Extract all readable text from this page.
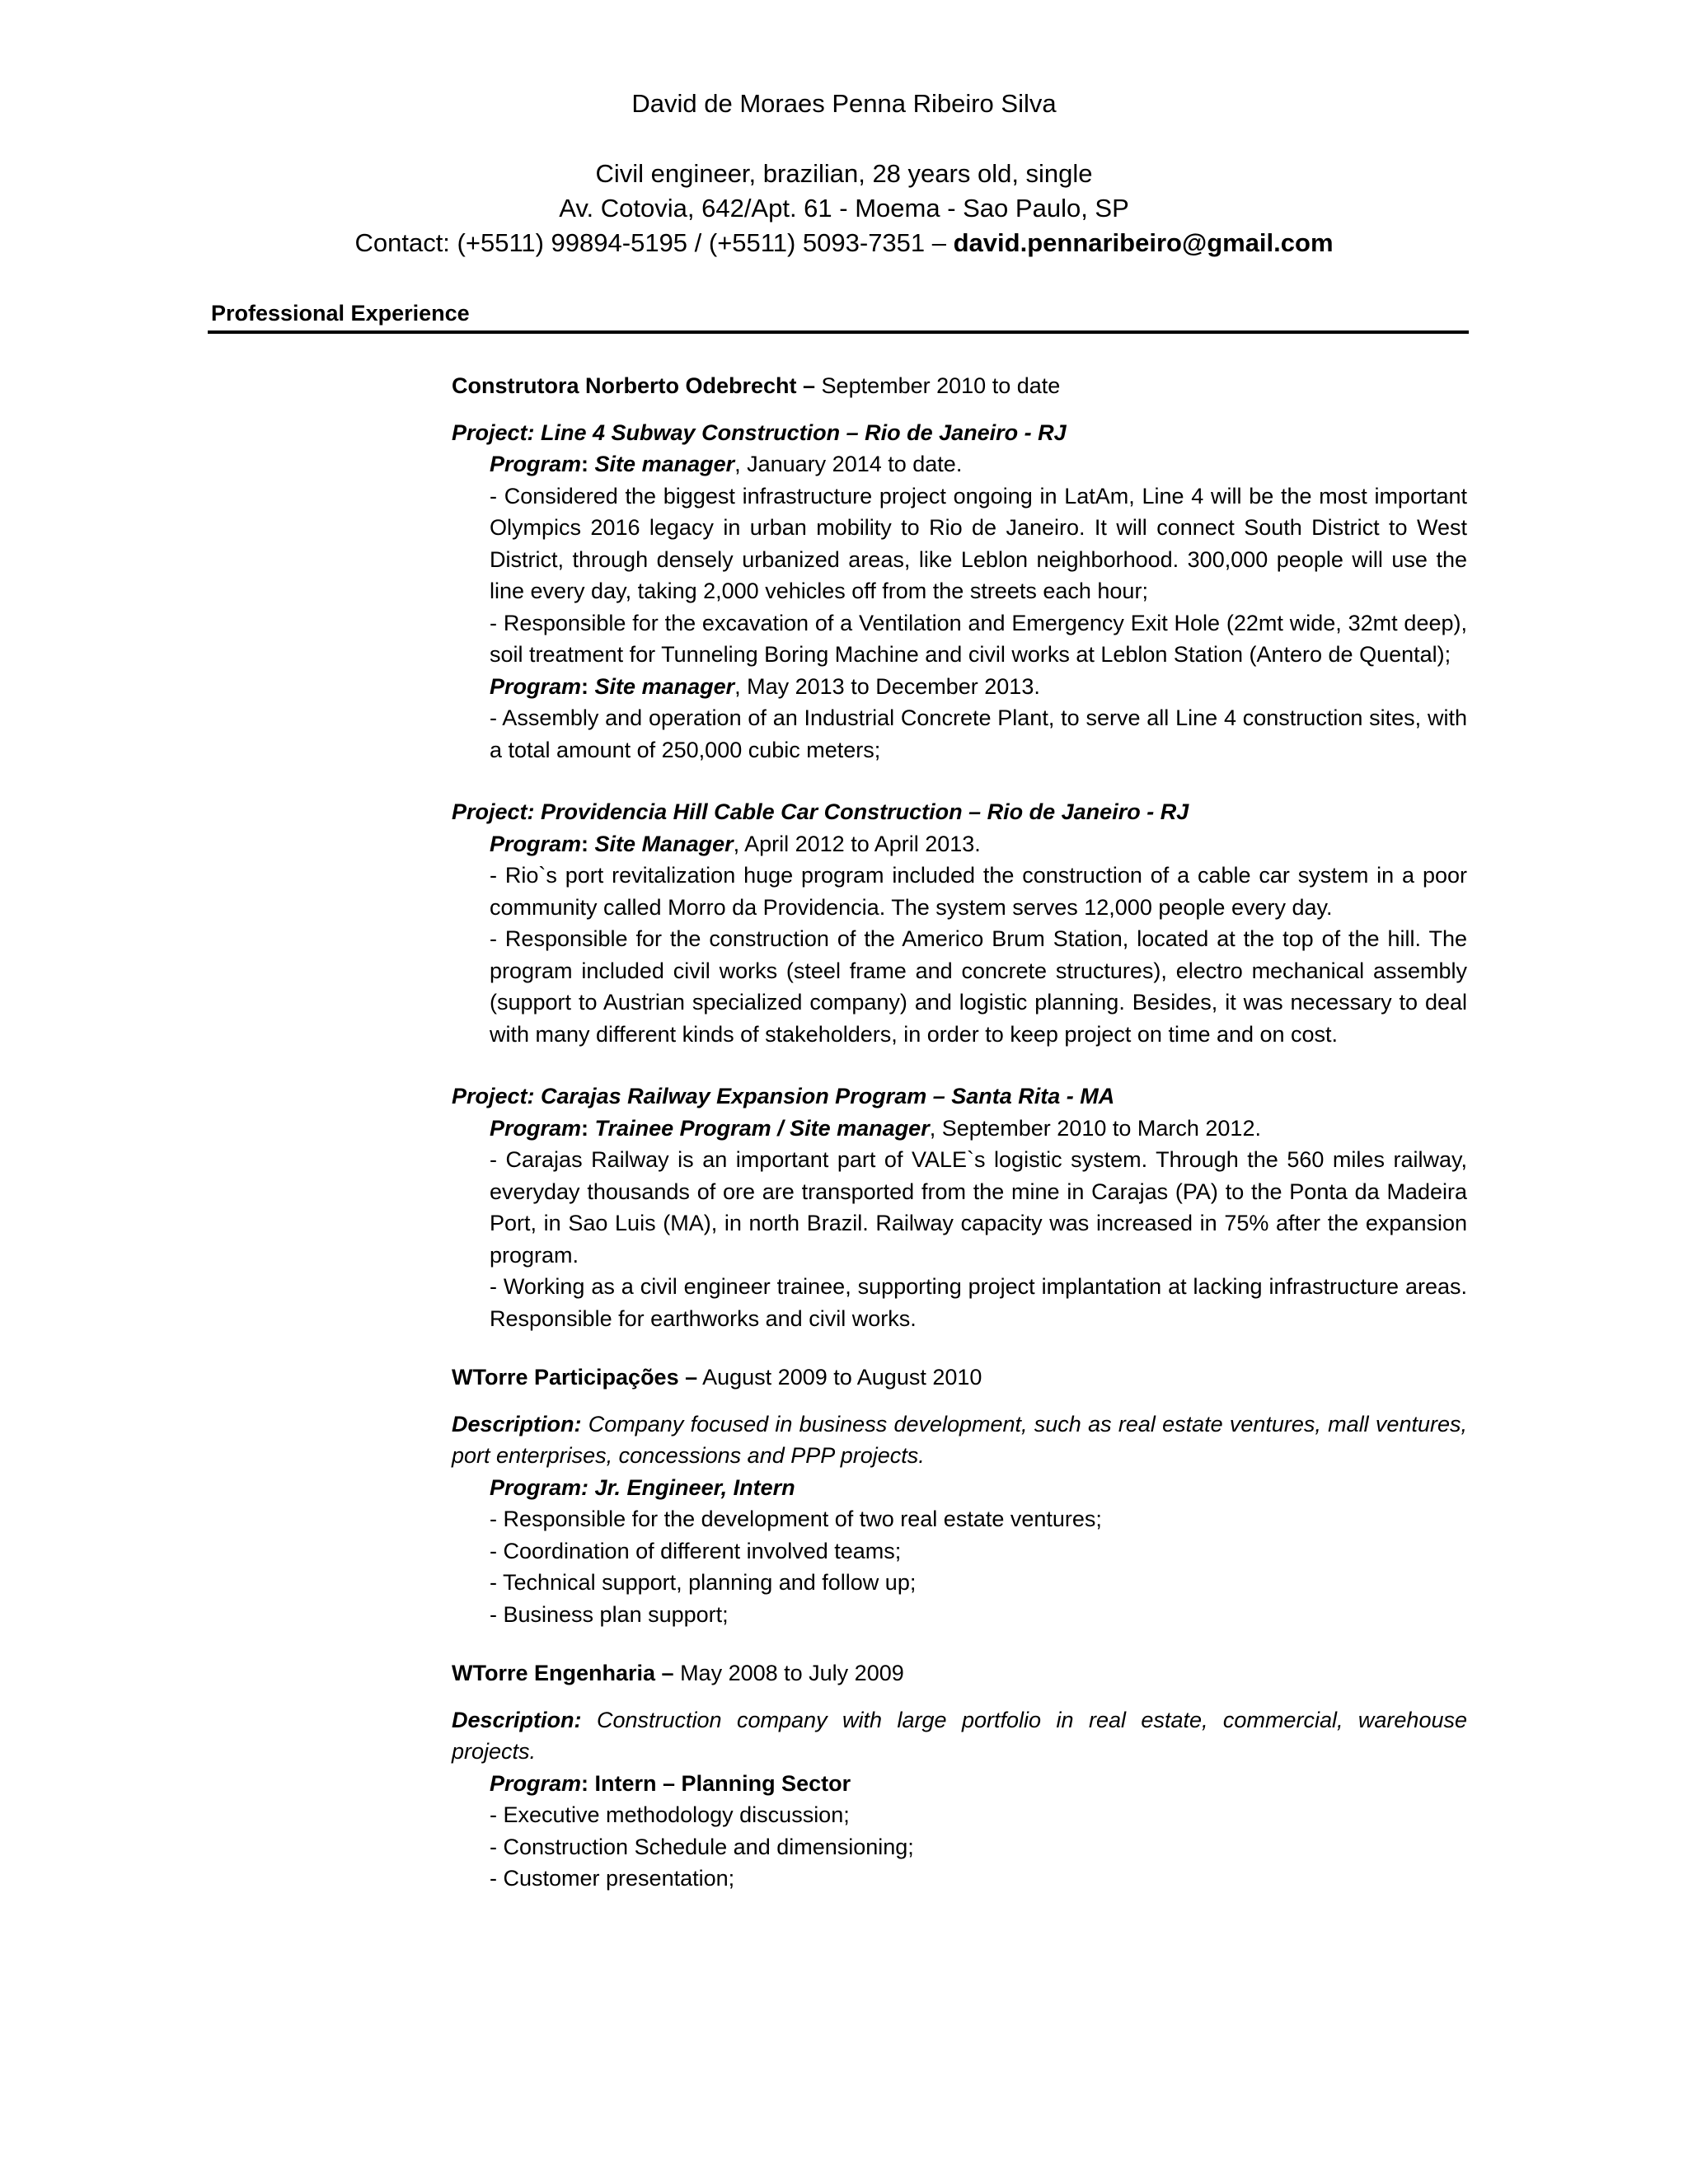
David de Moraes Penna Ribeiro Silva
Civil engineer, brazilian, 28 years old, single
Av. Cotovia, 642/Apt. 61 - Moema - Sao Paulo, SP
Contact: (+5511) 99894-5195 / (+5511) 5093-7351 – david.pennaribeiro@gmail.com
Professional Experience

Construtora Norberto Odebrecht – September 2010 to date

Project: Line 4 Subway Construction – Rio de Janeiro - RJ

Program: Site manager, January 2014 to date.

- Considered the biggest infrastructure project ongoing in LatAm, Line 4 will be the most important Olympics 2016 legacy in urban mobility to Rio de Janeiro. It will connect South District to West District, through densely urbanized areas, like Leblon neighborhood. 300,000 people will use the line every day, taking 2,000 vehicles off from the streets each hour;

- Responsible for the excavation of a Ventilation and Emergency Exit Hole (22mt wide, 32mt deep), soil treatment for Tunneling Boring Machine and civil works at Leblon Station (Antero de Quental);

Program: Site manager, May 2013 to December 2013.

- Assembly and operation of an Industrial Concrete Plant, to serve all Line 4 construction sites, with a total amount of 250,000 cubic meters;

Project: Providencia Hill Cable Car Construction – Rio de Janeiro - RJ

Program: Site Manager, April 2012 to April 2013.

- Rio`s port revitalization huge program included the construction of a cable car system in a poor community called Morro da Providencia. The system serves 12,000 people every day.

- Responsible for the construction of the Americo Brum Station, located at the top of the hill. The program included civil works (steel frame and concrete structures), electro mechanical assembly (support to Austrian specialized company) and logistic planning. Besides, it was necessary to deal with many different kinds of stakeholders, in order to keep project on time and on cost.

Project: Carajas Railway Expansion Program – Santa Rita - MA

Program: Trainee Program / Site manager, September 2010 to March 2012.

- Carajas Railway is an important part of VALE`s logistic system. Through the 560 miles railway, everyday thousands of ore are transported from the mine in Carajas (PA) to the Ponta da Madeira Port, in Sao Luis (MA), in north Brazil. Railway capacity was increased in 75% after the expansion program.

- Working as a civil engineer trainee, supporting project implantation at lacking infrastructure areas. Responsible for earthworks and civil works.

WTorre Participações – August 2009 to August 2010

Description: Company focused in business development, such as real estate ventures, mall ventures, port enterprises, concessions and PPP projects.

Program: Jr. Engineer, Intern

- Responsible for the development of two real estate ventures;

- Coordination of different involved teams;

- Technical support, planning and follow up;

- Business plan support;

WTorre Engenharia – May 2008 to July 2009

Description: Construction company with large portfolio in real estate, commercial, warehouse projects.

Program: Intern – Planning Sector

- Executive methodology discussion;

- Construction Schedule and dimensioning;

- Customer presentation;
